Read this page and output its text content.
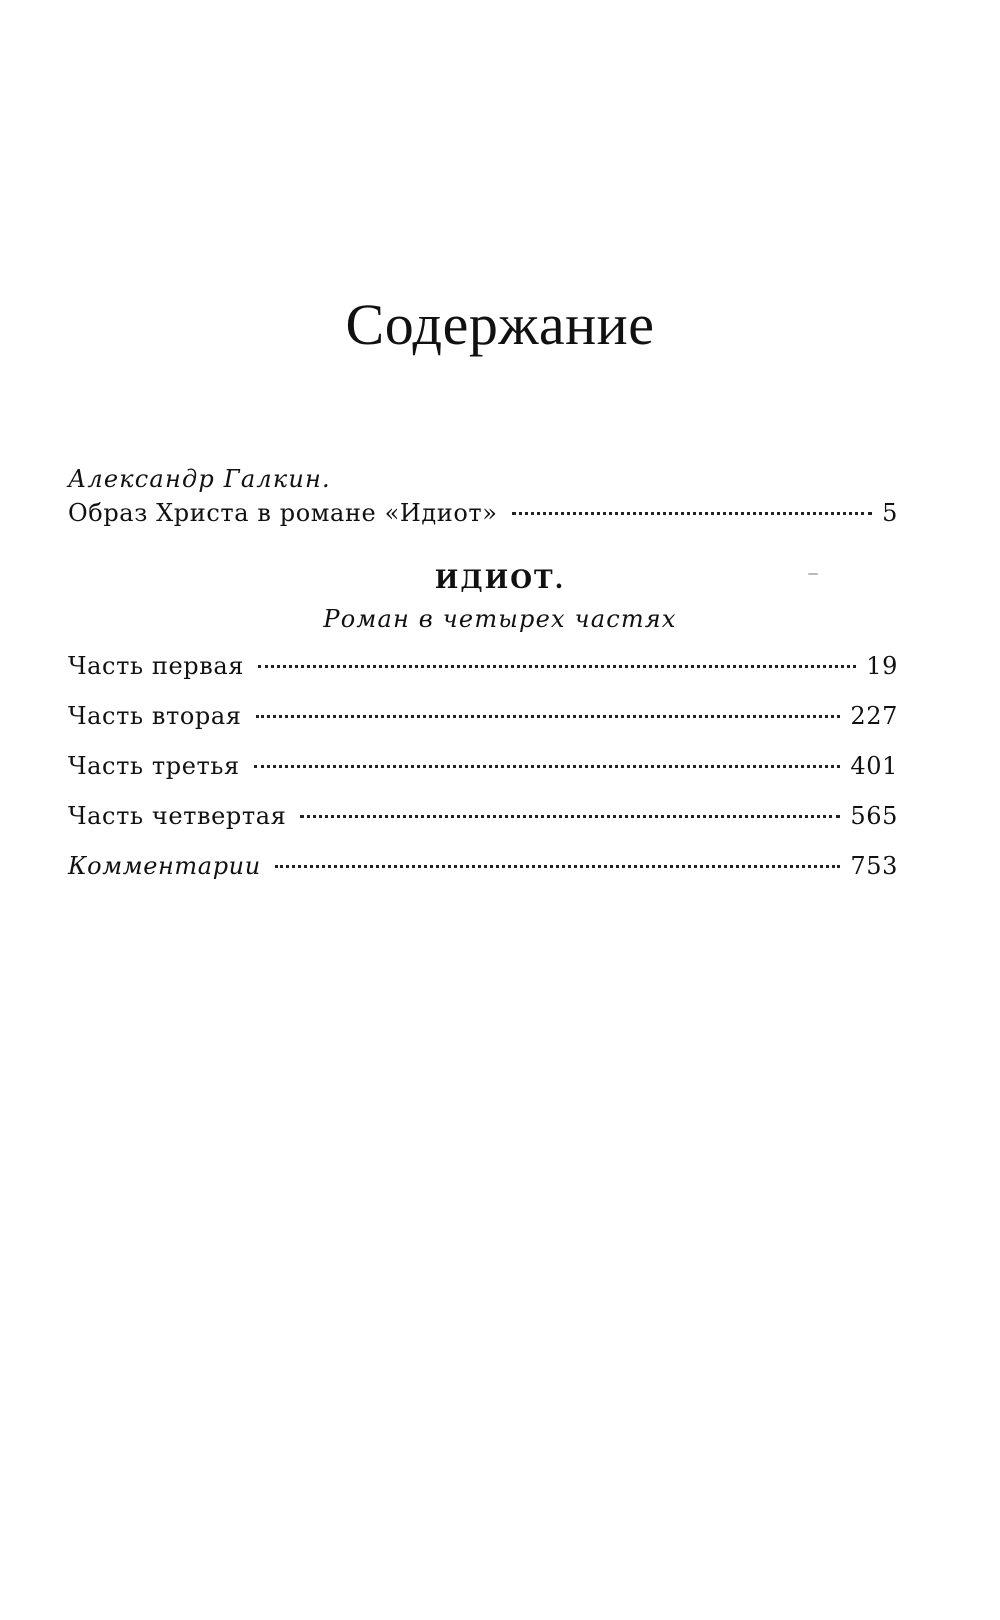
Содержание
Александр Галкин.
Образ Христа в романе «Идиот»	5
ИДИОТ.
Роман в четырех частях
Часть первая	19
Часть вторая	227
Часть третья	401
Часть четвертая	565
Комментарии	753
